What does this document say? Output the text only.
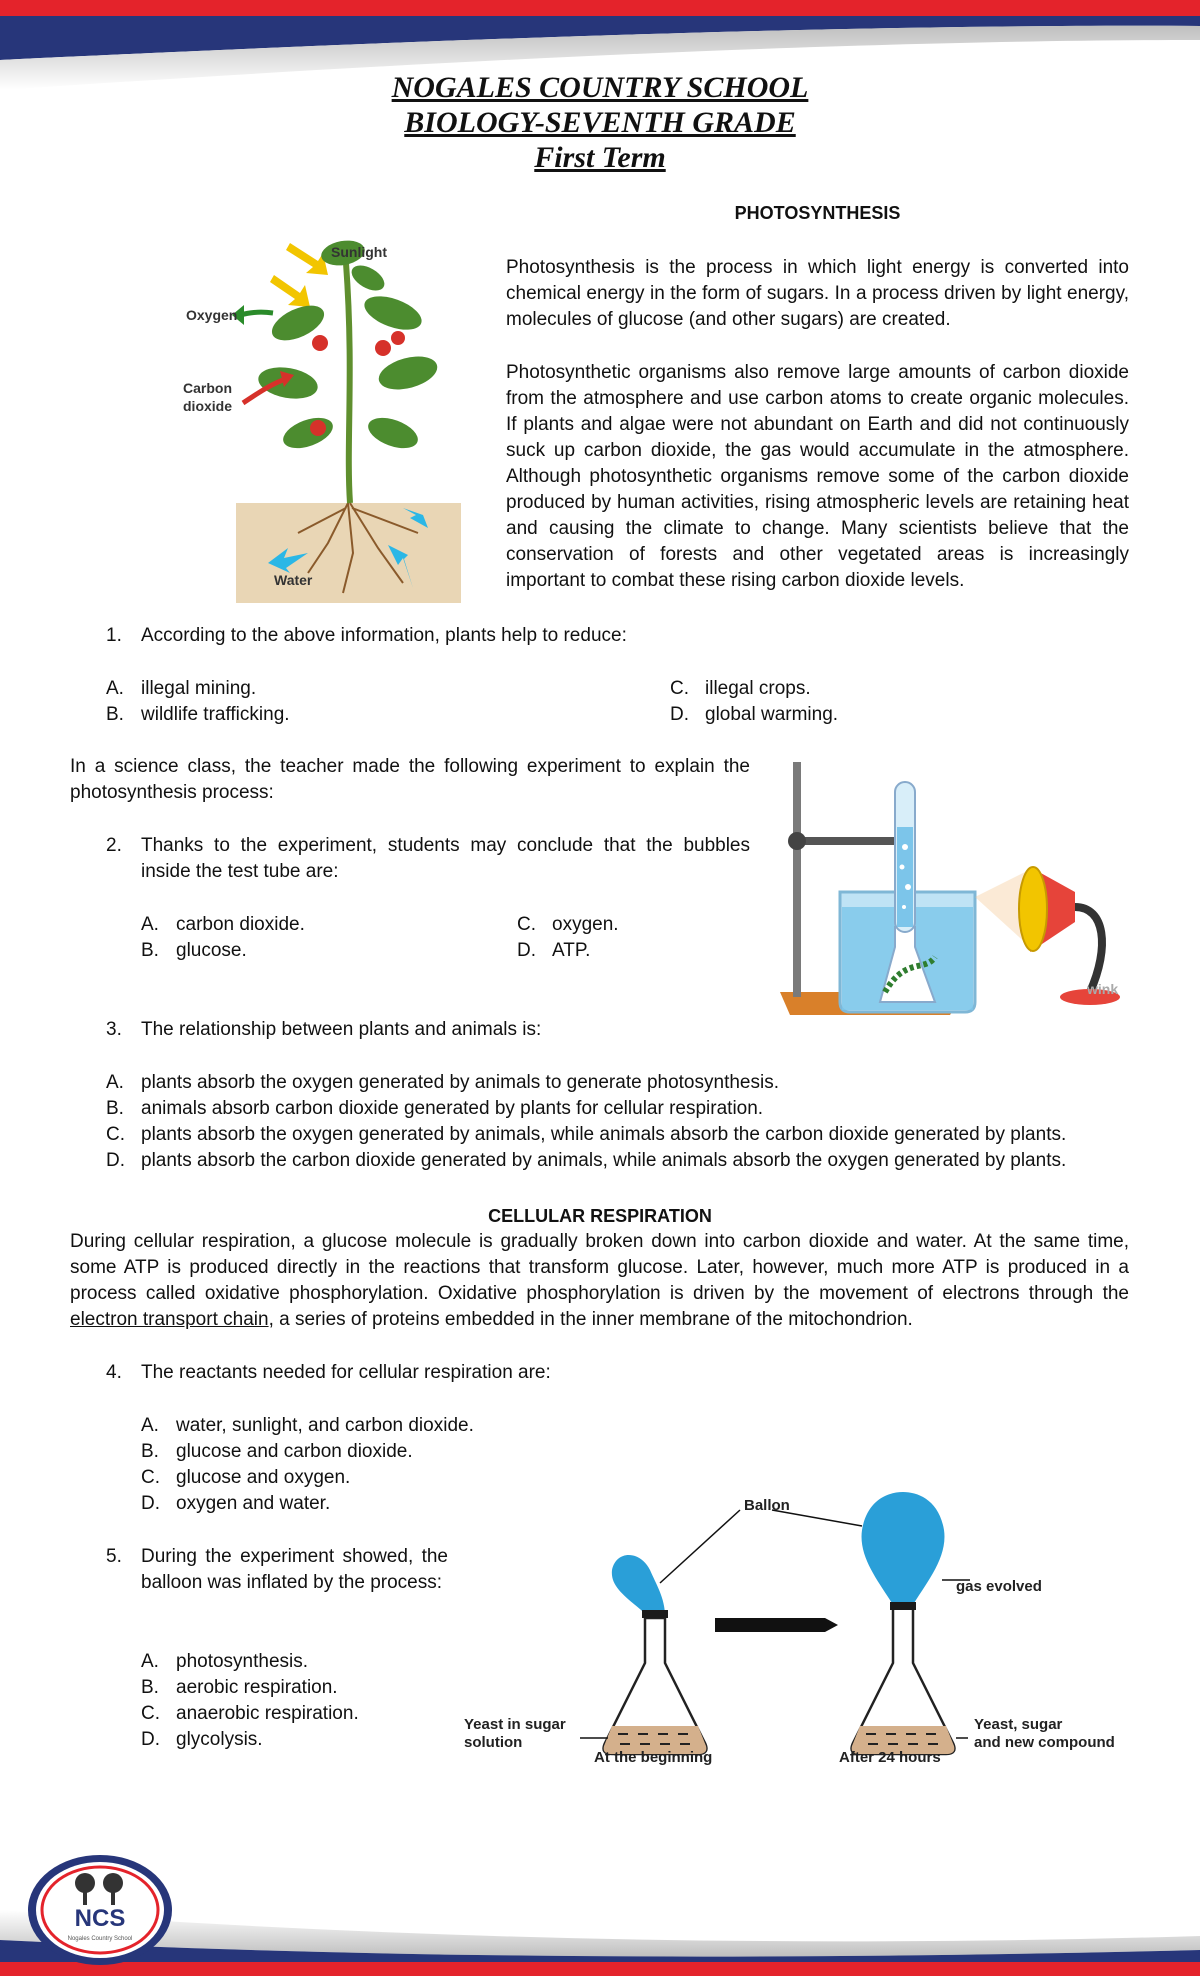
NOGALES COUNTRY SCHOOL
BIOLOGY-SEVENTH GRADE
First Term
Sunlight
Oxygen
Carbon
dioxide
Water
PHOTOSYNTHESIS

Photosynthesis is the process in which light energy is converted into chemical energy in the form of sugars. In a process driven by light energy, molecules of glucose (and other sugars) are created.

Photosynthetic organisms also remove large amounts of carbon dioxide from the atmosphere and use carbon atoms to create organic molecules. If plants and algae were not abundant on Earth and did not continuously suck up carbon dioxide, the gas would accumulate in the atmosphere. Although photosynthetic organisms remove some of the carbon dioxide produced by human activities, rising atmospheric levels are retaining heat and causing the climate to change. Many scientists believe that the conservation of forests and other vegetated areas is increasingly important to combat these rising carbon dioxide levels.

1.	According to the above information, plants help to reduce:
A. illegal mining.
B. wildlife trafficking.
C. illegal crops.
D. global warming.

In a science class, the teacher made the following experiment to explain the photosynthesis process:

wink
2.	Thanks to the experiment, students may conclude that the bubbles inside the test tube are:
A. carbon dioxide.
B. glucose.
C. oxygen.
D. ATP.
3.	The relationship between plants and animals is:
A. plants absorb the oxygen generated by animals to generate photosynthesis.
B. animals absorb carbon dioxide generated by plants for cellular respiration.
C. plants absorb the oxygen generated by animals, while animals absorb the carbon dioxide generated by plants.
D. plants absorb the carbon dioxide generated by animals, while animals absorb the oxygen generated by plants.
CELLULAR RESPIRATION

During cellular respiration, a glucose molecule is gradually broken down into carbon dioxide and water. At the same time, some ATP is produced directly in the reactions that transform glucose. Later, however, much more ATP is produced in a process called oxidative phosphorylation. Oxidative phosphorylation is driven by the movement of electrons through the electron transport chain, a series of proteins embedded in the inner membrane of the mitochondrion.

4.	The reactants needed for cellular respiration are:
A. water, sunlight, and carbon dioxide.
B. glucose and carbon dioxide.
C. glucose and oxygen.
D. oxygen and water.
5.	During the experiment showed, the balloon was inflated by the process:
A. photosynthesis.
B. aerobic respiration.
C. anaerobic respiration.
D. glycolysis.
Ballon
gas evolved
Yeast in sugar
solution
At the beginning	After 24 hours
Yeast, sugar
and new compound
NCS
Nogales Country School
